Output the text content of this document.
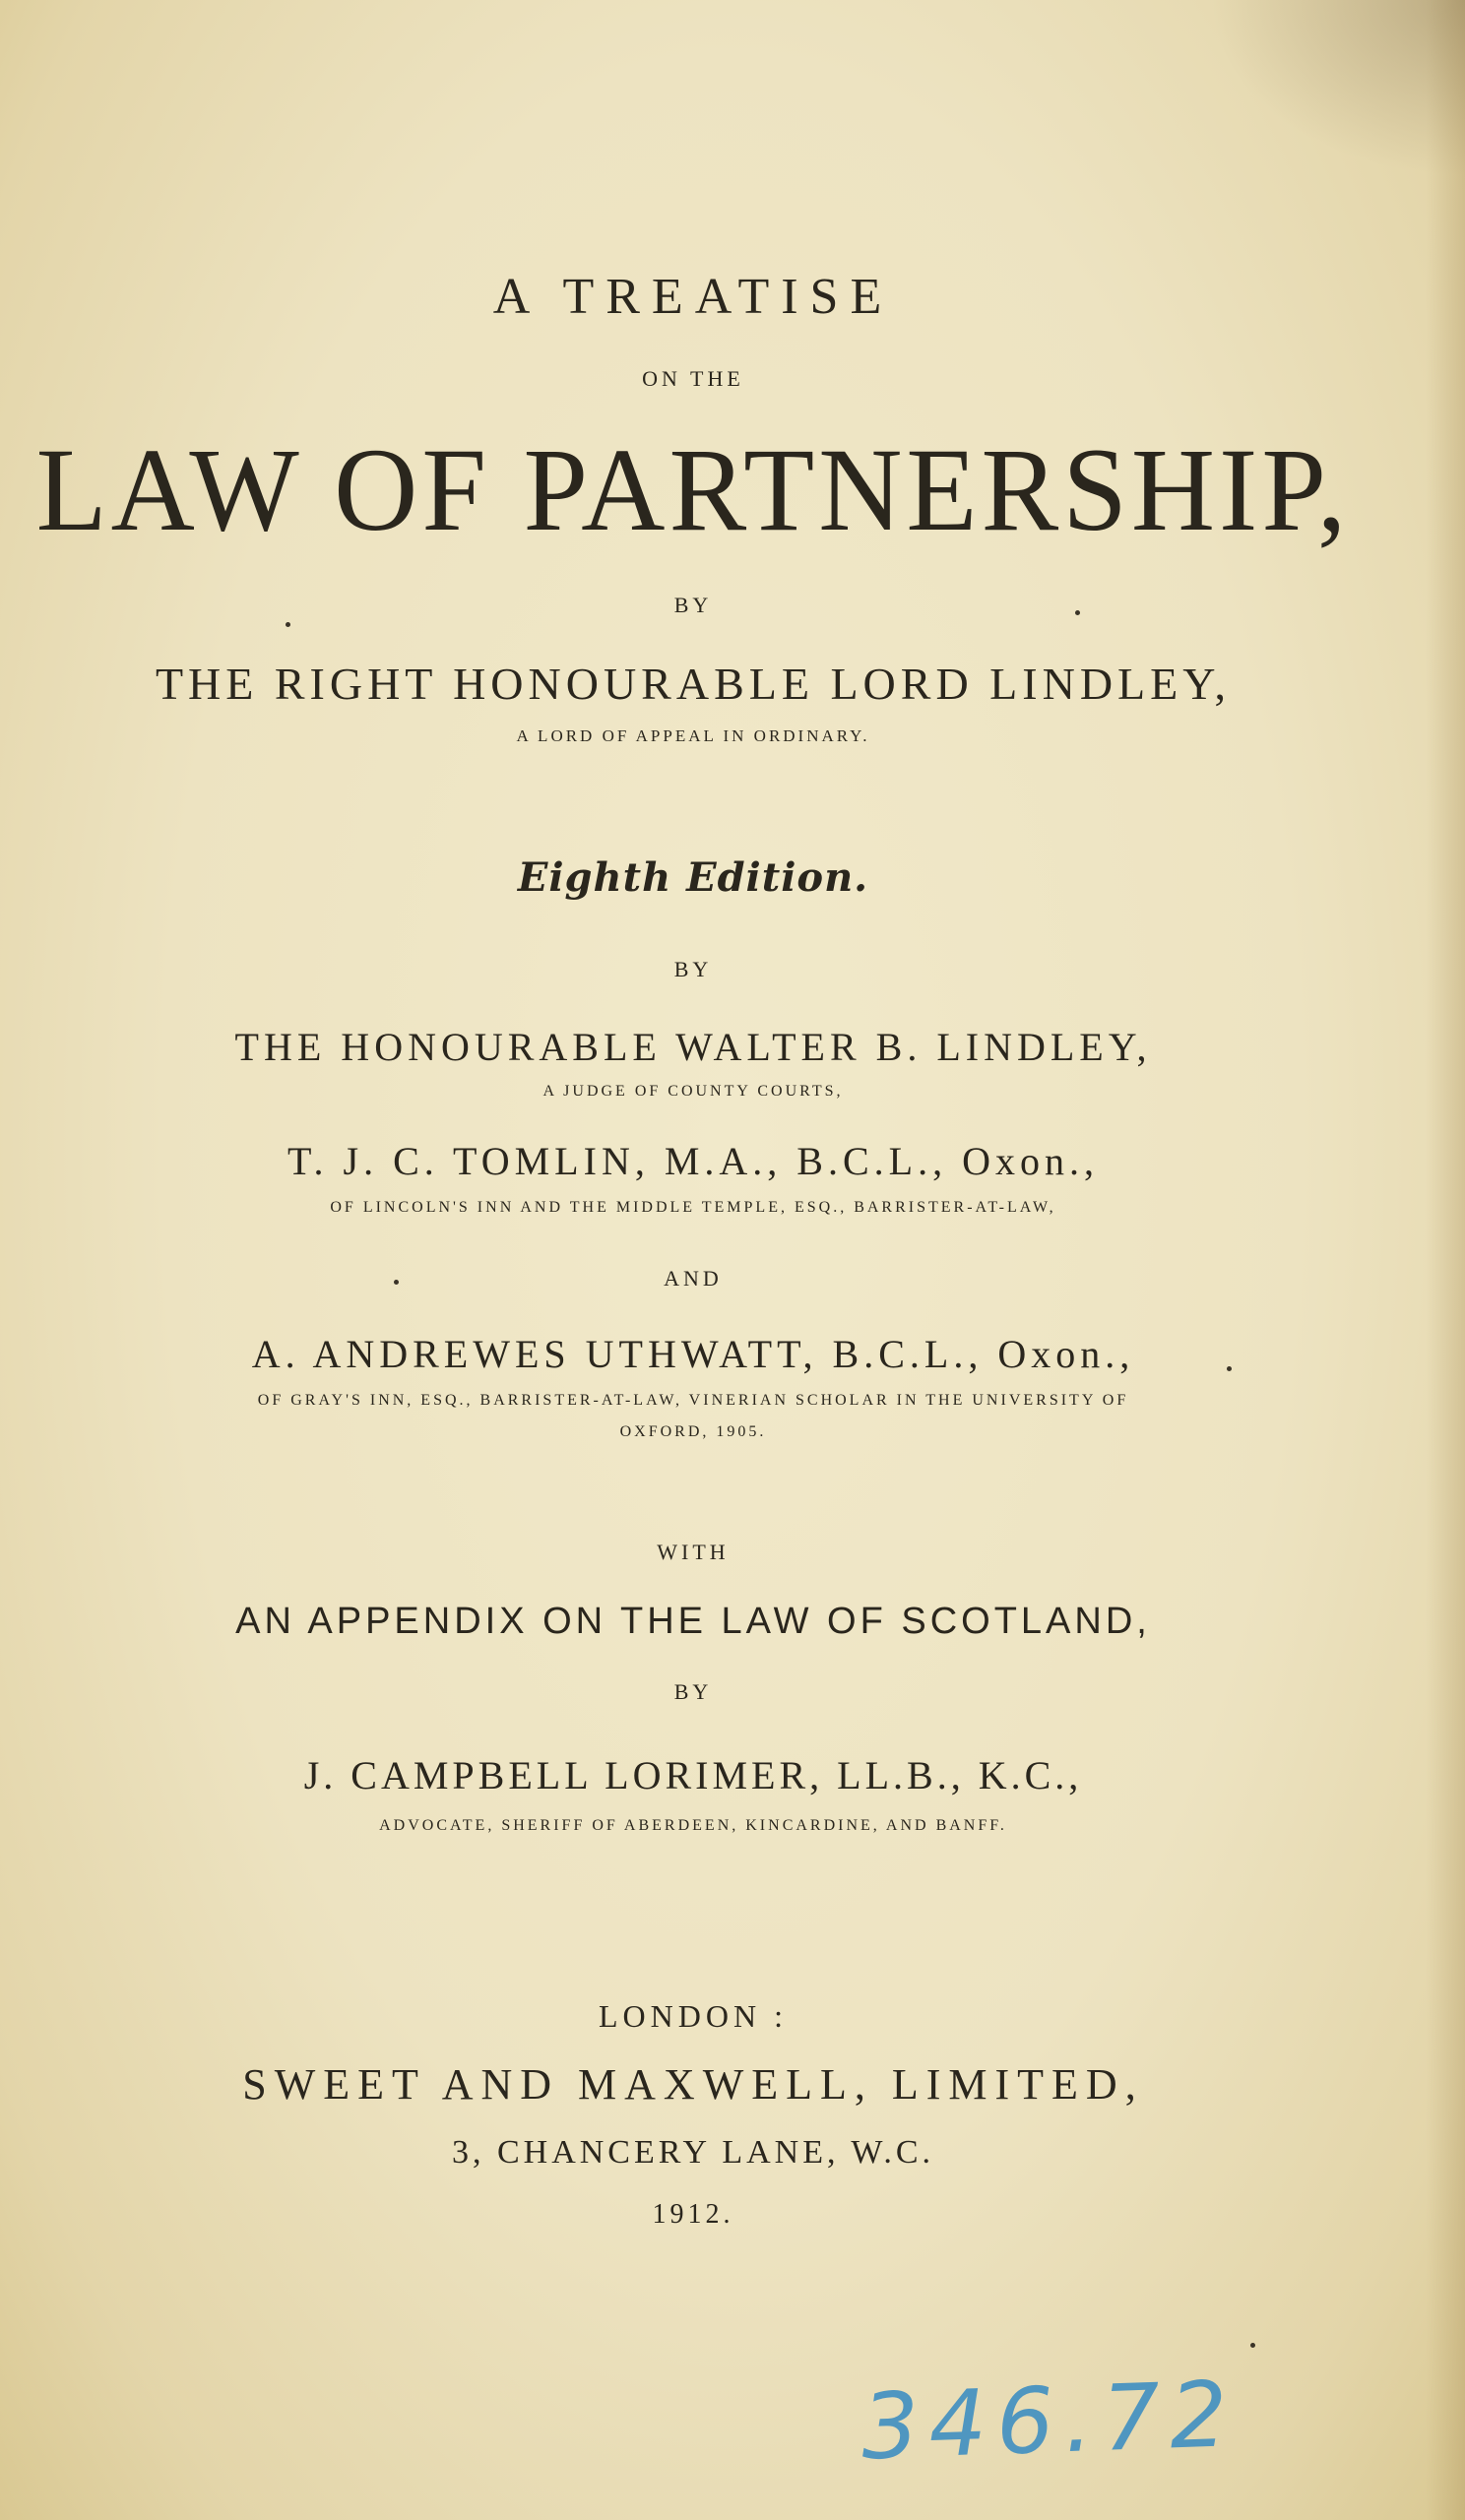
A TREATISE
ON THE
LAW OF PARTNERSHIP,
BY
THE RIGHT HONOURABLE LORD LINDLEY,
A LORD OF APPEAL IN ORDINARY.
Eighth Edition.
BY
THE HONOURABLE WALTER B. LINDLEY,
A JUDGE OF COUNTY COURTS,
T. J. C. TOMLIN, M.A., B.C.L., Oxon.,
OF LINCOLN'S INN AND THE MIDDLE TEMPLE, ESQ., BARRISTER-AT-LAW,
AND
A. ANDREWES UTHWATT, B.C.L., Oxon.,
OF GRAY'S INN, ESQ., BARRISTER-AT-LAW, VINERIAN SCHOLAR IN THE UNIVERSITY OF
OXFORD, 1905.
WITH
AN APPENDIX ON THE LAW OF SCOTLAND,
BY
J. CAMPBELL LORIMER, LL.B., K.C.,
ADVOCATE, SHERIFF OF ABERDEEN, KINCARDINE, AND BANFF.
LONDON :
SWEET AND MAXWELL, LIMITED,
3, CHANCERY LANE, W.C.
1912.
346.72
